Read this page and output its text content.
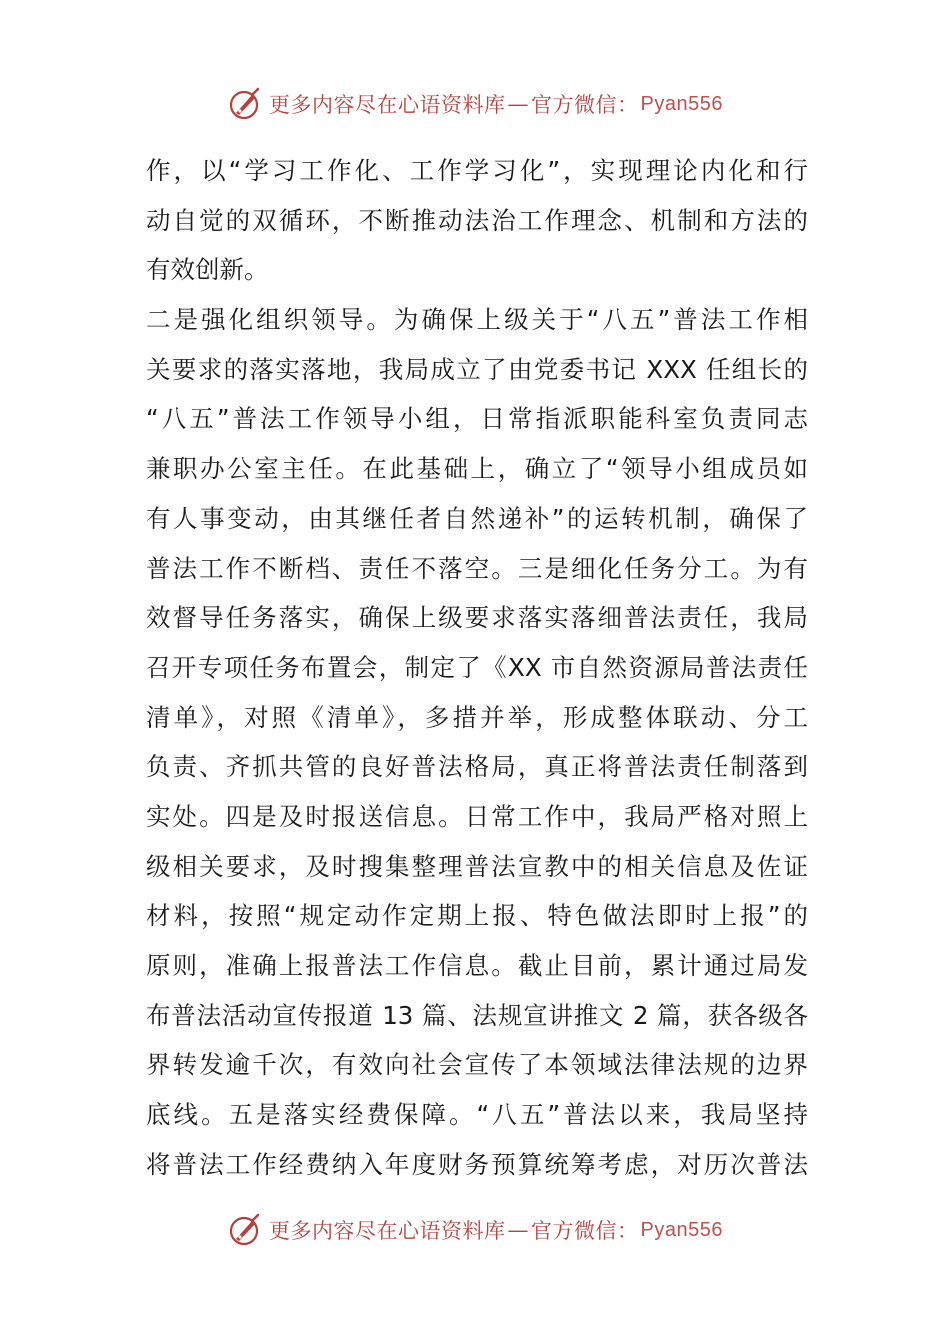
更多内容尽在心语资料库 — 官方微信： Pyan556
作，以“学习工作化、工作学习化”，实现理论内化和行
动自觉的双循环，不断推动法治工作理念、机制和方法的
有效创新。
二是强化组织领导。为确保上级关于“八五”普法工作相
关要求的落实落地，我局成立了由党委书记 XXX 任组长的
“八五”普法工作领导小组，日常指派职能科室负责同志
兼职办公室主任。在此基础上，确立了“领导小组成员如
有人事变动，由其继任者自然递补”的运转机制，确保了
普法工作不断档、责任不落空。三是细化任务分工。为有
效督导任务落实，确保上级要求落实落细普法责任，我局
召开专项任务布置会，制定了《XX 市自然资源局普法责任
清单》，对照《清单》，多措并举，形成整体联动、分工
负责、齐抓共管的良好普法格局，真正将普法责任制落到
实处。四是及时报送信息。日常工作中，我局严格对照上
级相关要求，及时搜集整理普法宣教中的相关信息及佐证
材料，按照“规定动作定期上报、特色做法即时上报”的
原则，准确上报普法工作信息。截止目前，累计通过局发
布普法活动宣传报道 13 篇、法规宣讲推文 2 篇，获各级各
界转发逾千次，有效向社会宣传了本领域法律法规的边界
底线。五是落实经费保障。“八五”普法以来，我局坚持
将普法工作经费纳入年度财务预算统筹考虑，对历次普法
更多内容尽在心语资料库 — 官方微信： Pyan556
